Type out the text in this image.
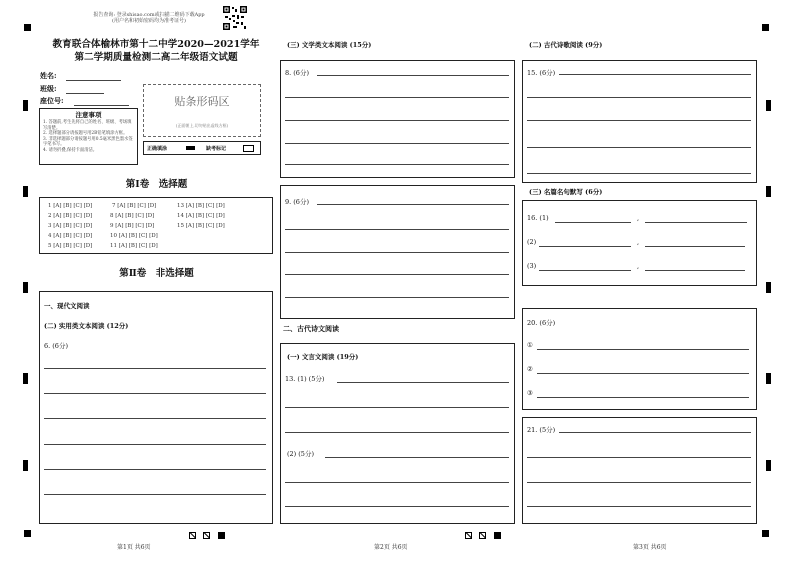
报告查询: 登录shisao.com或扫描二维码下载App
(用户名和初始密码均为准考证号)
教育联合体榆林市第十二中学2020—2021学年
第二学期质量检测二高二年级语文试题
姓名:
班级:
座位号:	贴条形码区
(正面朝上,切勿贴出虚线方框)
注意事项
1. 答题前,考生先将自己的姓名、班级、考场填写清楚。
2. 选择题部分请按题号用2B铅笔填涂方框。
3. 非选择题部分请按题号用0.5毫米黑色墨水签字笔书写。
4. 请勿折叠,保持卡面清洁。	正确填涂	缺考标记
第Ⅰ卷　选择题
1 [A] [B] [C] [D]	7 [A] [B] [C] [D]	13 [A] [B] [C] [D]
2 [A] [B] [C] [D]	8 [A] [B] [C] [D]	14 [A] [B] [C] [D]
3 [A] [B] [C] [D]	9 [A] [B] [C] [D]	15 [A] [B] [C] [D]
4 [A] [B] [C] [D]	10 [A] [B] [C] [D]
5 [A] [B] [C] [D]	11 [A] [B] [C] [D]
第Ⅱ卷　非选择题
一、现代文阅读
(二) 实用类文本阅读 (12分)
6. (6分)
(三) 文学类文本阅读 (15分)
8. (6分)
9. (6分)
二、古代诗文阅读
(一) 文言文阅读 (19分)
13. (1) (5分)
(2) (5分)
(二) 古代诗歌阅读 (9分)
15. (6分)
(三) 名篇名句默写 (6分)
16. (1)	,
(2)	,
(3)	,
20. (6分)
①
②
③
21. (5分)
第1页 共6页	第2页 共6页	第3页 共6页
